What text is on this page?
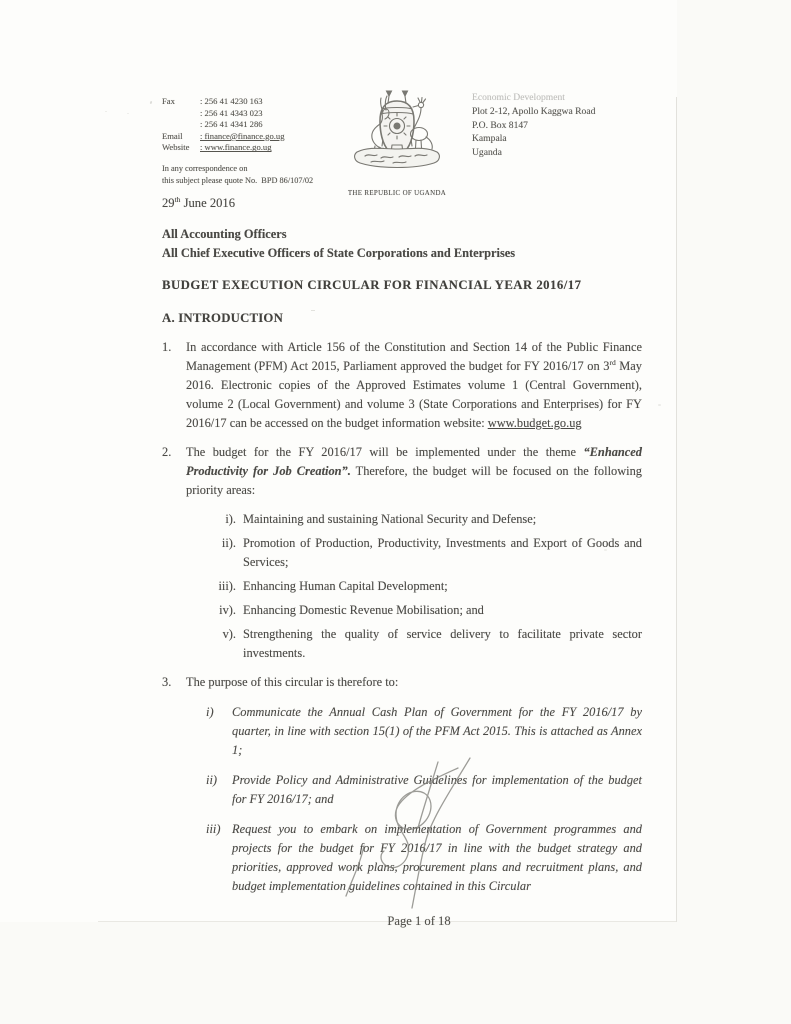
Fax	: 256 41 4230 163
: 256 41 4343 023
: 256 41 4341 286
Email	: finance@finance.go.ug
Website	: www.finance.go.ug
In any correspondence on
this subject please quote No.  BPD 86/107/02
THE REPUBLIC OF UGANDA
Economic Development
Plot 2-12, Apollo Kaggwa Road
P.O. Box 8147
Kampala
Uganda
29th June 2016
All Accounting Officers
All Chief Executive Officers of State Corporations and Enterprises
BUDGET EXECUTION CIRCULAR FOR FINANCIAL YEAR 2016/17
A. INTRODUCTION
1.	In accordance with Article 156 of the Constitution and Section 14 of the Public Finance Management (PFM) Act 2015, Parliament approved the budget for FY 2016/17 on 3rd May 2016. Electronic copies of the Approved Estimates volume 1 (Central Government), volume 2 (Local Government) and volume 3 (State Corporations and Enterprises) for FY 2016/17 can be accessed on the budget information website: www.budget.go.ug
2.	The budget for the FY 2016/17 will be implemented under the theme “Enhanced Productivity for Job Creation”. Therefore, the budget will be focused on the following priority areas:
i). Maintaining and sustaining National Security and Defense;
ii). Promotion of Production, Productivity, Investments and Export of Goods and Services;
iii). Enhancing Human Capital Development;
iv). Enhancing Domestic Revenue Mobilisation; and
v). Strengthening the quality of service delivery to facilitate private sector investments.
3.	The purpose of this circular is therefore to:
i)	Communicate the Annual Cash Plan of Government for the FY 2016/17 by quarter, in line with section 15(1) of the PFM Act 2015. This is attached as Annex 1;
ii)	Provide Policy and Administrative Guidelines for implementation of the budget for FY 2016/17; and
iii) Request you to embark on implementation of Government programmes and projects for the budget for FY 2016/17 in line with the budget strategy and priorities, approved work plans, procurement plans and recruitment plans, and budget implementation guidelines contained in this Circular
Page 1 of 18
